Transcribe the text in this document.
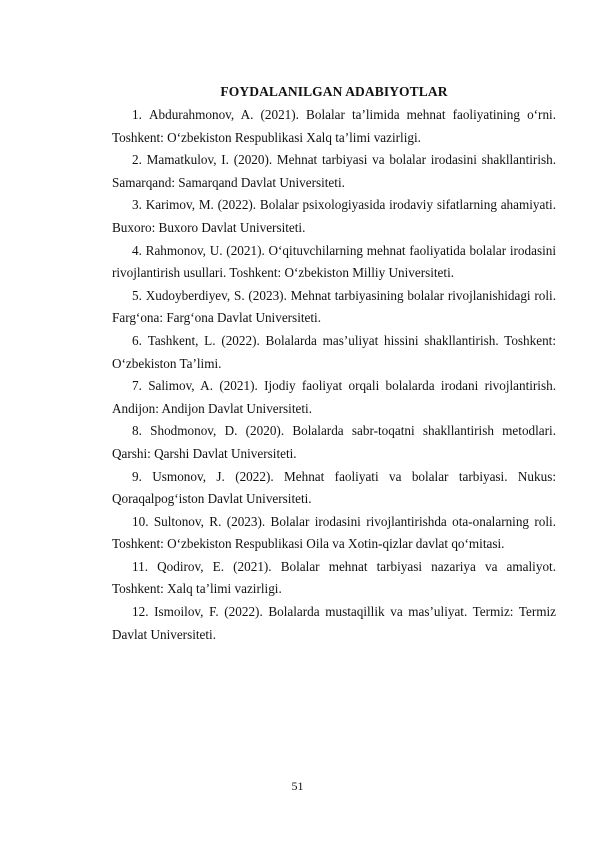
FOYDALANILGAN ADABIYOTLAR

1. Abdurahmonov, A. (2021). Bolalar ta’limida mehnat faoliyatining o‘rni. Toshkent: O‘zbekiston Respublikasi Xalq ta’limi vazirligi.

2. Mamatkulov, I. (2020). Mehnat tarbiyasi va bolalar irodasini shakllantirish. Samarqand: Samarqand Davlat Universiteti.

3. Karimov, M. (2022). Bolalar psixologiyasida irodaviy sifatlarning ahamiyati. Buxoro: Buxoro Davlat Universiteti.

4. Rahmonov, U. (2021). O‘qituvchilarning mehnat faoliyatida bolalar irodasini rivojlantirish usullari. Toshkent: O‘zbekiston Milliy Universiteti.

5. Xudoyberdiyev, S. (2023). Mehnat tarbiyasining bolalar rivojlanishidagi roli. Farg‘ona: Farg‘ona Davlat Universiteti.

6. Tashkent, L. (2022). Bolalarda mas’uliyat hissini shakllantirish. Toshkent: O‘zbekiston Ta’limi.

7. Salimov, A. (2021). Ijodiy faoliyat orqali bolalarda irodani rivojlantirish. Andijon: Andijon Davlat Universiteti.

8. Shodmonov, D. (2020). Bolalarda sabr-toqatni shakllantirish metodlari. Qarshi: Qarshi Davlat Universiteti.

9. Usmonov, J. (2022). Mehnat faoliyati va bolalar tarbiyasi. Nukus: Qoraqalpog‘iston Davlat Universiteti.

10. Sultonov, R. (2023). Bolalar irodasini rivojlantirishda ota-onalarning roli. Toshkent: O‘zbekiston Respublikasi Oila va Xotin-qizlar davlat qo‘mitasi.

11. Qodirov, E. (2021). Bolalar mehnat tarbiyasi nazariya va amaliyot. Toshkent: Xalq ta’limi vazirligi.

12. Ismoilov, F. (2022). Bolalarda mustaqillik va mas’uliyat. Termiz: Termiz Davlat Universiteti.

51
